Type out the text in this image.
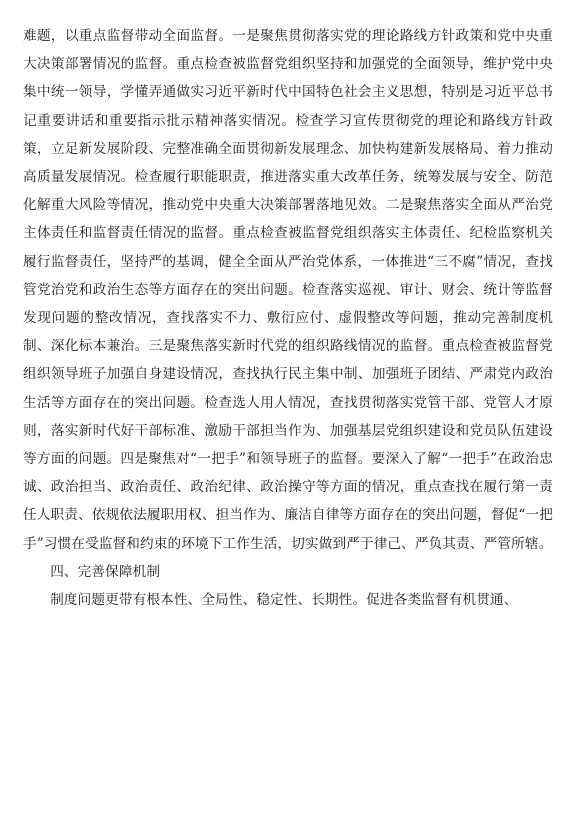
难题，以重点监督带动全面监督。一是聚焦贯彻落实党的理论路线方针政策和党中央重大决策部署情况的监督。重点检查被监督党组织坚持和加强党的全面领导，维护党中央集中统一领导，学懂弄通做实习近平新时代中国特色社会主义思想，特别是习近平总书记重要讲话和重要指示批示精神落实情况。检查学习宣传贯彻党的理论和路线方针政策，立足新发展阶段、完整准确全面贯彻新发展理念、加快构建新发展格局、着力推动高质量发展情况。检查履行职能职责，推进落实重大改革任务，统筹发展与安全、防范化解重大风险等情况，推动党中央重大决策部署落地见效。二是聚焦落实全面从严治党主体责任和监督责任情况的监督。重点检查被监督党组织落实主体责任、纪检监察机关履行监督责任，坚持严的基调，健全全面从严治党体系，一体推进“三不腐”情况，查找管党治党和政治生态等方面存在的突出问题。检查落实巡视、审计、财会、统计等监督发现问题的整改情况，查找落实不力、敷衍应付、虚假整改等问题，推动完善制度机制、深化标本兼治。三是聚焦落实新时代党的组织路线情况的监督。重点检查被监督党组织领导班子加强自身建设情况，查找执行民主集中制、加强班子团结、严肃党内政治生活等方面存在的突出问题。检查选人用人情况，查找贯彻落实党管干部、党管人才原则，落实新时代好干部标准、激励干部担当作为、加强基层党组织建设和党员队伍建设等方面的问题。四是聚焦对“一把手”和领导班子的监督。要深入了解“一把手”在政治忠诚、政治担当、政治责任、政治纪律、政治操守等方面的情况，重点查找在履行第一责任人职责、依规依法履职用权、担当作为、廉洁自律等方面存在的突出问题，督促“一把手”习惯在受监督和约束的环境下工作生活，切实做到严于律己、严负其责、严管所辖。

四、完善保障机制

制度问题更带有根本性、全局性、稳定性、长期性。促进各类监督有机贯通、
